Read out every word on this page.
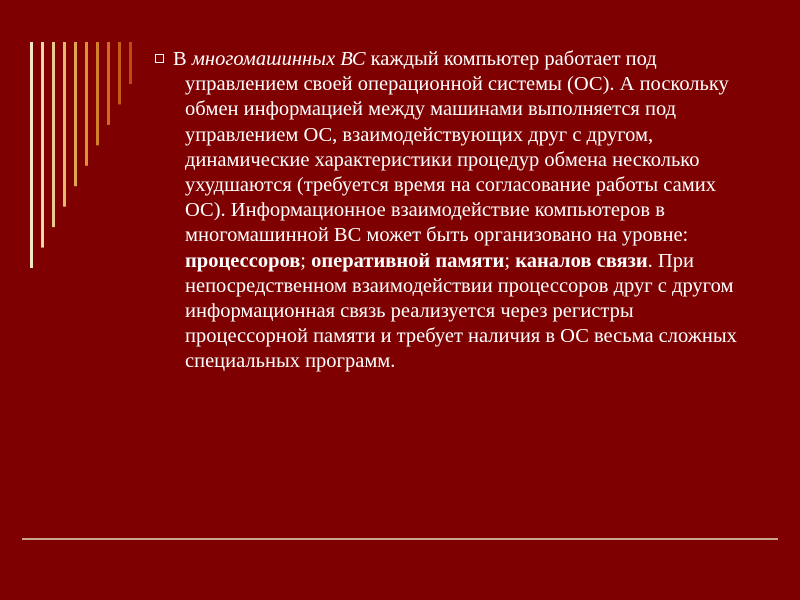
В многомашинных ВС каждый компьютер работает под управлением своей операционной системы (ОС). А поскольку обмен информацией между машинами выполняется под управлением ОС, взаимодействующих друг с другом, динамические характеристики процедур обмена несколько ухудшаются (требуется время на согласование работы самих ОС). Информационное взаимодействие компьютеров в многомашинной ВС может быть организовано на уровне: процессоров; оперативной памяти; каналов связи. При непосредственном взаимодействии процессоров друг с другом информационная связь реализуется через регистры процессорной памяти и требует наличия в ОС весьма сложных специальных программ.
